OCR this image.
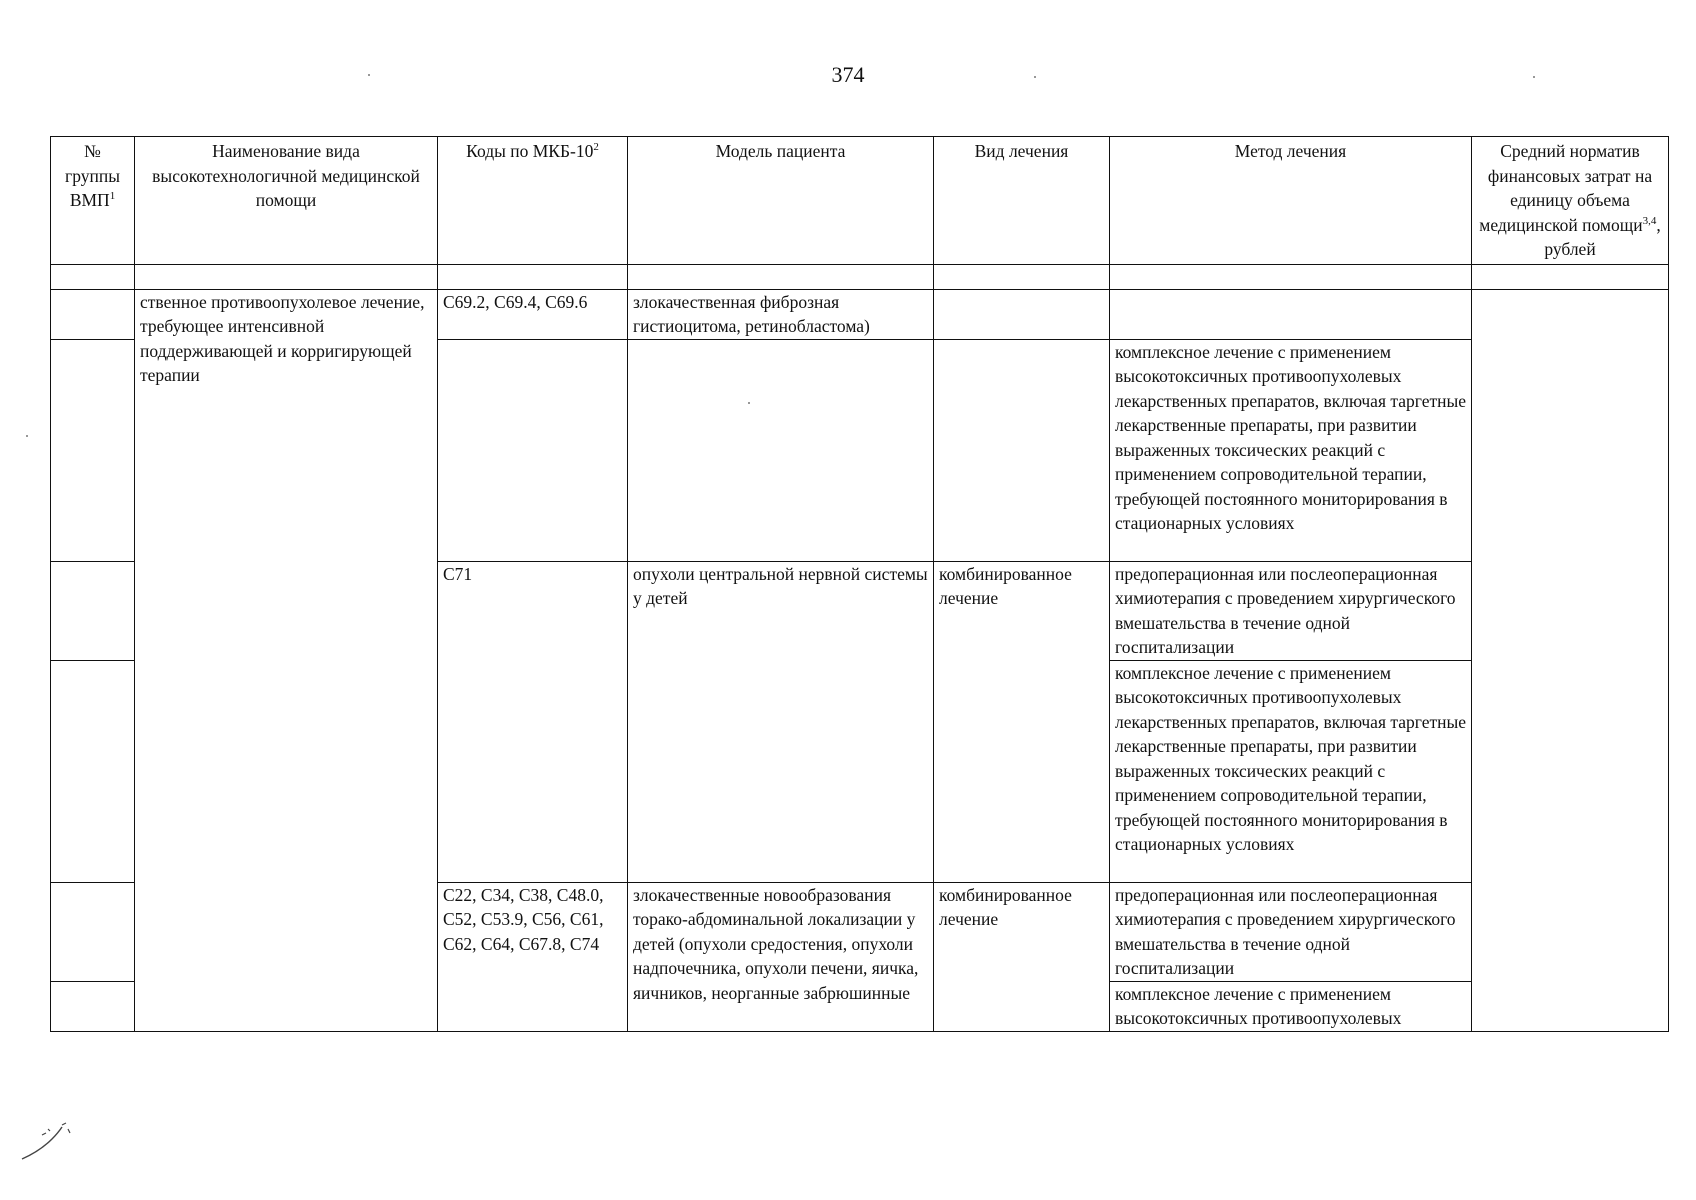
374
№ группы ВМП$^1$	Наименование вида высокотехнологичной медицинской помощи	Коды по МКБ-$10^2$	Модель пациента	Вид лечения	Метод лечения	Средний норматив финансовых затрат на единицу объема медицинской помощи$^{3,4}$, рублей

	ственное противоопухолевое лечение, требующее интенсивной поддерживающей и корригирующей терапии	C69.2, C69.4, C69.6	злокачественная фиброзная гистиоцитома, ретинобластома)			
					комплексное лечение с применением высокотоксичных противоопухолевых лекарственных препаратов, включая таргетные лекарственные препараты, при развитии выраженных токсических реакций с применением сопроводительной терапии, требующей постоянного мониторирования в стационарных условиях	
		C71	опухоли центральной нервной системы у детей	комбинированное лечение	предоперационная или послеоперационная химиотерапия с проведением хирургического вмешательства в течение одной госпитализации	
					комплексное лечение с применением высокотоксичных противоопухолевых лекарственных препаратов, включая таргетные лекарственные препараты, при развитии выраженных токсических реакций с применением сопроводительной терапии, требующей постоянного мониторирования в стационарных условиях	
		C22, C34, C38, C48.0, C52, C53.9, C56, C61, C62, C64, C67.8, C74	злокачественные новообразования торако-абдоминальной локализации у детей (опухоли средостения, опухоли надпочечника, опухоли печени, яичка, яичников, неорганные забрюшинные	комбинированное лечение	предоперационная или послеоперационная химиотерапия с проведением хирургического вмешательства в течение одной госпитализации	
					комплексное лечение с применением высокотоксичных противоопухолевых	
